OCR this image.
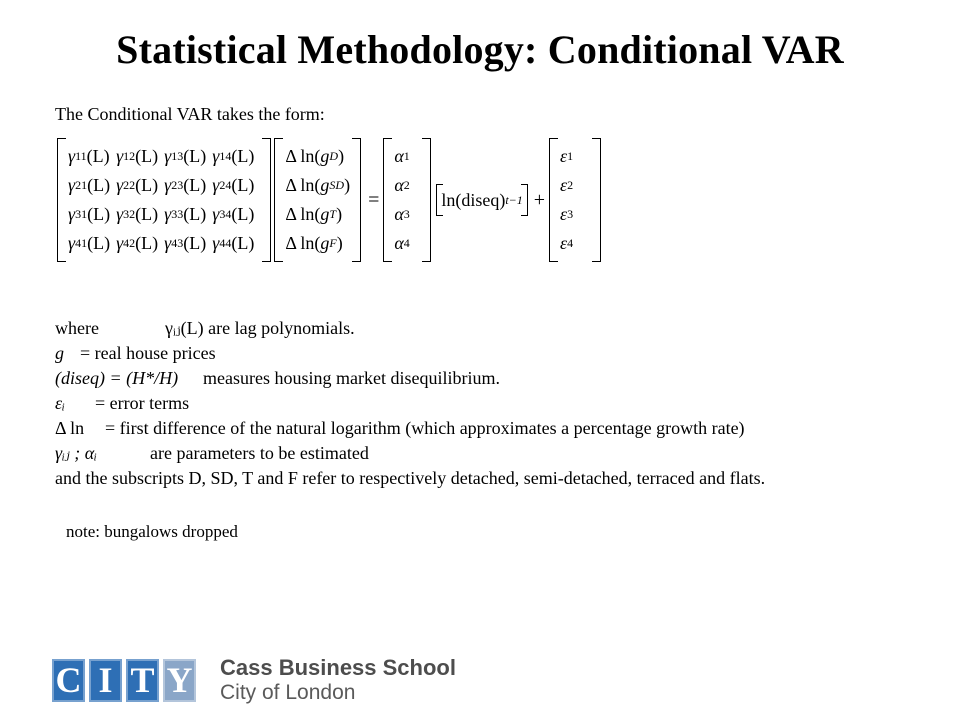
Statistical Methodology: Conditional VAR
The Conditional VAR takes the form:
γ 11 (L) γ 12 (L) γ 13 (L) γ 14 (L)
γ 21 (L) γ 22 (L) γ 23 (L) γ 24 (L)
γ 31 (L) γ 32 (L) γ 33 (L) γ 34 (L)
γ 41 (L) γ 42 (L) γ 43 (L) γ 44 (L)
Δ ln( g D )
Δ ln( g SD )
Δ ln( g T )
Δ ln( g F )
=
α 1
α 2
α 3
α 4
ln(diseq) t−1 +
ε 1
ε 2
ε 3
ε 4
where	γᵢⱼ(L) are lag polynomials.
g = real house prices
(diseq) = (H*/H) measures housing market disequilibrium.
εᵢ = error terms
Δ ln = first difference of the natural logarithm (which approximates a percentage growth rate)
γᵢⱼ ; αᵢ	are parameters to be estimated
and the subscripts D, SD, T and F refer to respectively detached, semi-detached, terraced and flats.
note: bungalows dropped
C I T Y Cass Business School
City of London
